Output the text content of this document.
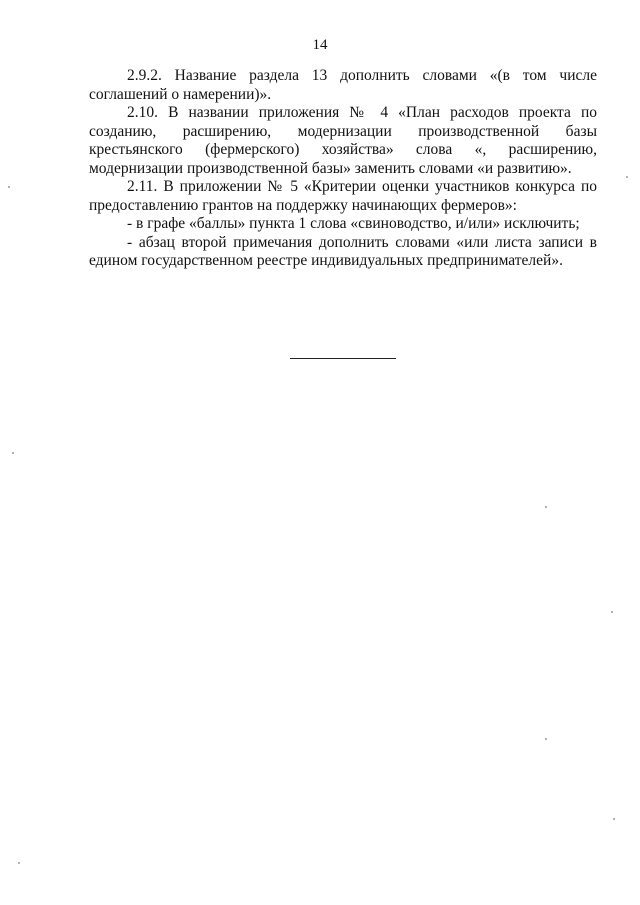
14

2.9.2. Название раздела 13 дополнить словами «(в том числе соглашений о намерении)».

2.10. В названии приложения № 4 «План расходов проекта по созданию, расширению, модернизации производственной базы крестьянского (фермерского) хозяйства» слова «, расширению, модернизации производственной базы» заменить словами «и развитию».

2.11. В приложении № 5 «Критерии оценки участников конкурса по предоставлению грантов на поддержку начинающих фермеров»:

- в графе «баллы» пункта 1 слова «свиноводство, и/или» исключить;

- абзац второй примечания дополнить словами «или листа записи в едином государственном реестре индивидуальных предпринимателей».
